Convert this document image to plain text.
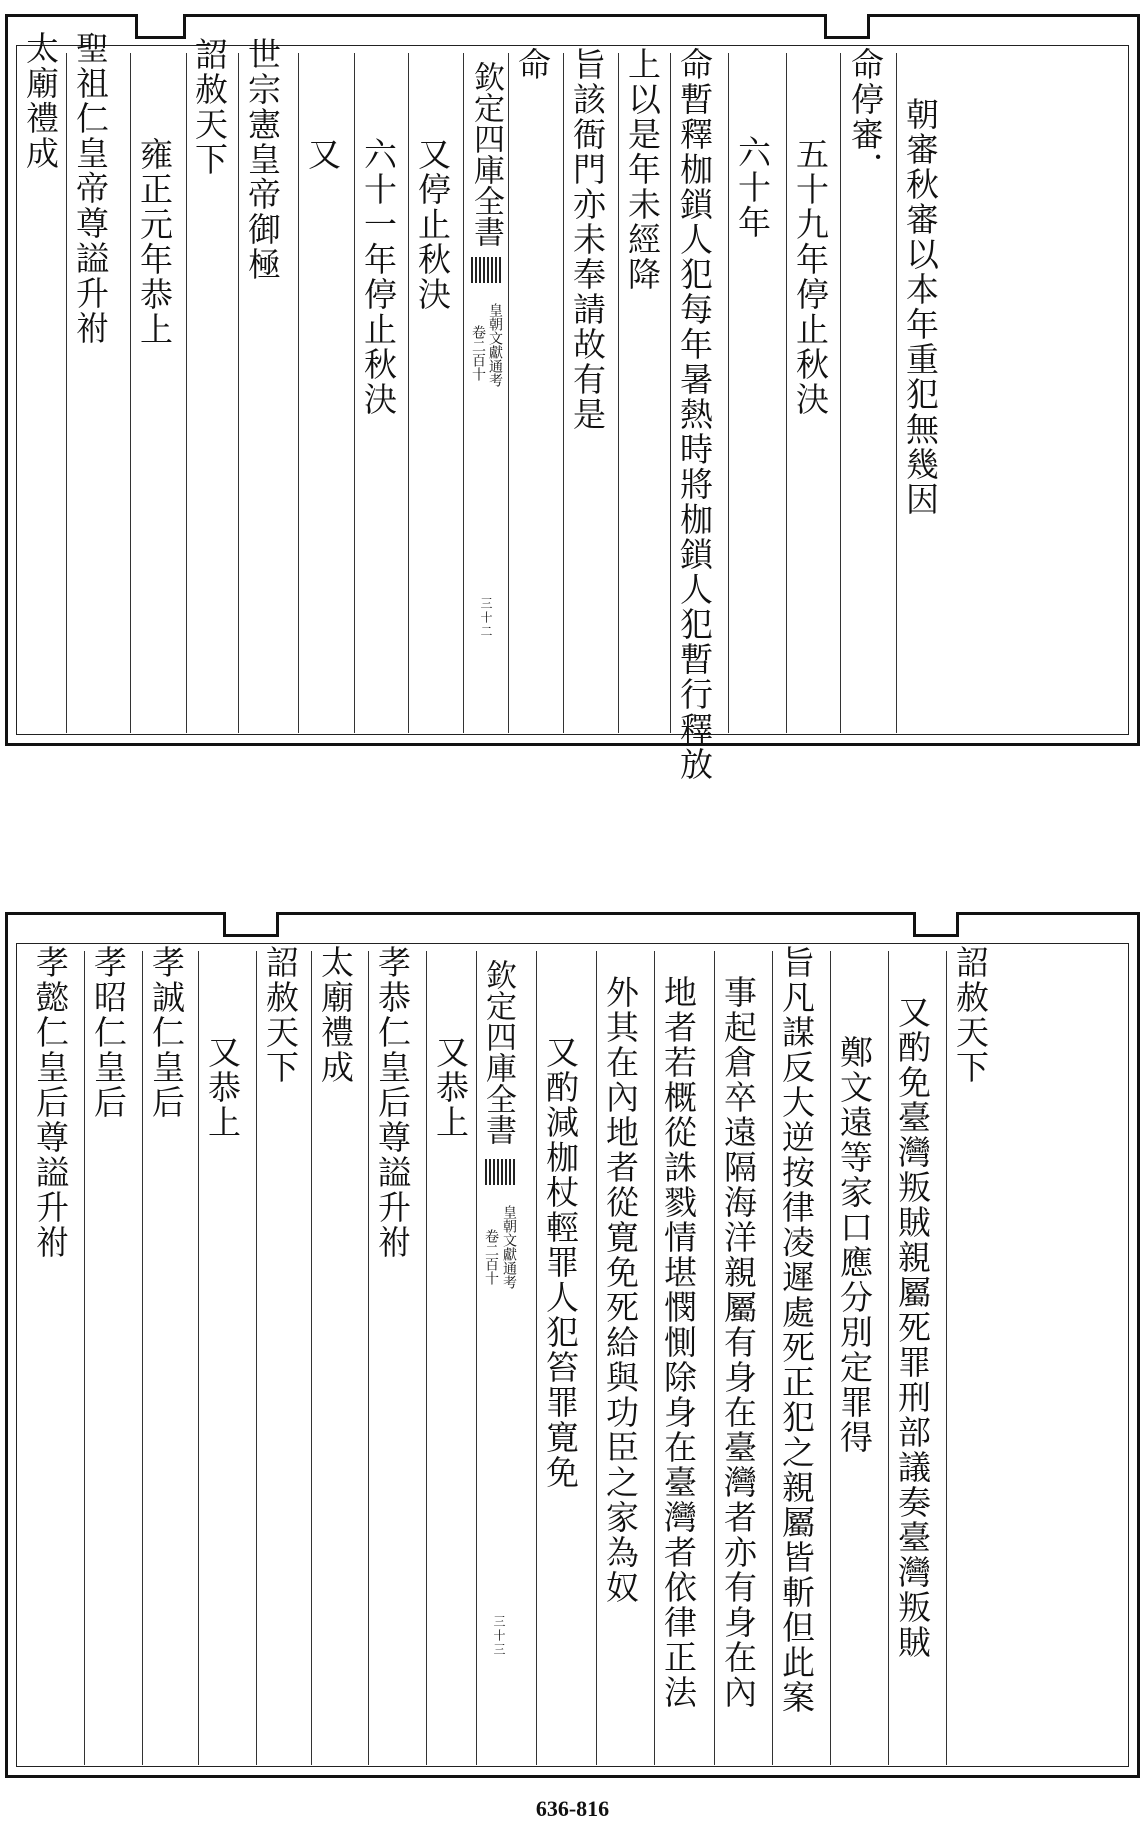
欽定四庫全書
皇朝文獻通考
卷二百十
三十二
朝審秋審以本年重犯無幾因
命停審．
五十九年停止秋決
六十年
命暫釋枷鎖人犯每年暑熱時將枷鎖人犯暫行釋放
上以是年未經降
旨該衙門亦未奉請故有是
命
又停止秋決
六十一年停止秋決
又
世宗憲皇帝御極
詔赦天下
雍正元年恭上
聖祖仁皇帝尊謚升祔
太廟禮成
欽定四庫全書
皇朝文獻通考
卷二百十
三十三
詔赦天下
又酌免臺灣叛賊親屬死罪刑部議奏臺灣叛賊
鄭文遠等家口應分別定罪得
旨凡謀反大逆按律凌遲處死正犯之親屬皆斬但此案
事起倉卒遠隔海洋親屬有身在臺灣者亦有身在內
地者若概從誅戮情堪憫惻除身在臺灣者依律正法
外其在內地者從寛免死給與功臣之家為奴
又酌減枷杖輕罪人犯笞罪寛免
又恭上
孝恭仁皇后尊謚升祔
太廟禮成
詔赦天下
又恭上
孝誠仁皇后
孝昭仁皇后
孝懿仁皇后尊謚升祔
636-816
